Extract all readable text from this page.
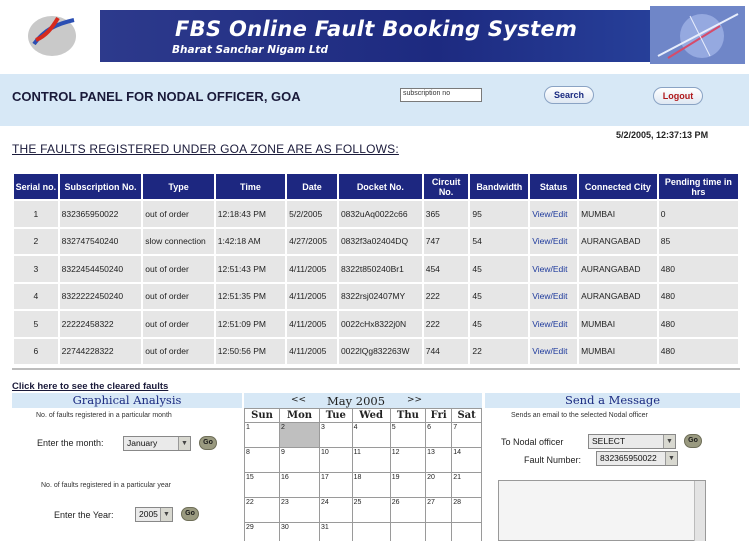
FBS Online Fault Booking System
Bharat Sanchar Nigam Ltd
CONTROL PANEL FOR NODAL OFFICER, GOA	subscription no	Search	Logout
5/2/2005, 12:37:13 PM
THE FAULTS REGISTERED UNDER GOA ZONE ARE AS FOLLOWS:
Serial no.	Subscription No.	Type	Time	Date	Docket No.	Circuit No.	Bandwidth	Status	Connected City	Pending time in hrs
1	832365950022	out of order	12:18:43 PM	5/2/2005	0832uAq0022c66	365	95	View/Edit	MUMBAI	0
2	832747540240	slow connection	1:42:18 AM	4/27/2005	0832f3a02404DQ	747	54	View/Edit	AURANGABAD	85
3	8322454450240	out of order	12:51:43 PM	4/11/2005	8322t850240Br1	454	45	View/Edit	AURANGABAD	480
4	8322222450240	out of order	12:51:35 PM	4/11/2005	8322rsj02407MY	222	45	View/Edit	AURANGABAD	480
5	22222458322	out of order	12:51:09 PM	4/11/2005	0022cHx8322j0N	222	45	View/Edit	MUMBAI	480
6	22744228322	out of order	12:50:56 PM	4/11/2005	0022lQg832263W	744	22	View/Edit	MUMBAI	480
Click here to see the cleared faults
Graphical Analysis
No. of faults registered in a particular month
Enter the month:	January	▼	Go
No. of faults registered in a particular year
Enter the Year:	2005 ▼	Go
<<	May 2005	>>
Sun	Mon	Tue	Wed	Thu	Fri	Sat
1	2	3	4	5	6	7
8	9	10	11	12	13	14
15	16	17	18	19	20	21
22	23	24	25	26	27	28
29	30	31				
Send a Message
Sends an email to the selected Nodal officer
To Nodal officer	SELECT	▼	Go
Fault Number:	832365950022	▼
